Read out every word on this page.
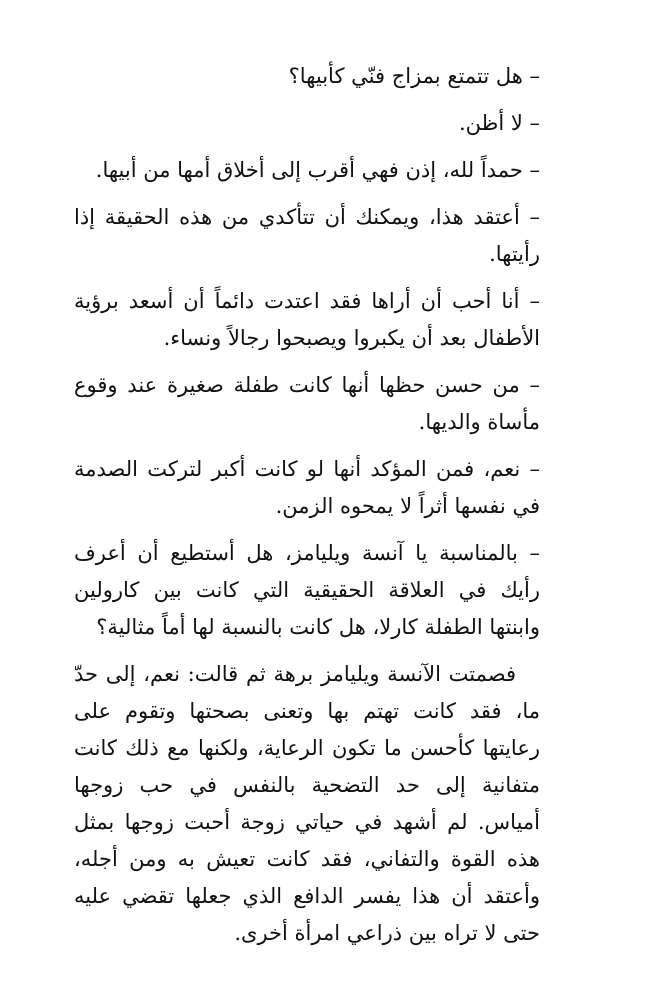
– هل تتمتع بمزاج فنّي كأبيها؟

– لا أظن.

– حمداً لله، إذن فهي أقرب إلى أخلاق أمها من أبيها.

– أعتقد هذا، ويمكنك أن تتأكدي من هذه الحقيقة إذا رأيتها.

– أنا أحب أن أراها فقد اعتدت دائماً أن أسعد برؤية الأطفال بعد أن يكبروا ويصبحوا رجالاً ونساء.

– من حسن حظها أنها كانت طفلة صغيرة عند وقوع مأساة والديها.

– نعم، فمن المؤكد أنها لو كانت أكبر لتركت الصدمة في نفسها أثراً لا يمحوه الزمن.

– بالمناسبة يا آنسة ويليامز، هل أستطيع أن أعرف رأيك في العلاقة الحقيقية التي كانت بين كارولين وابنتها الطفلة كارلا، هل كانت بالنسبة لها أماً مثالية؟

فصمتت الآنسة ويليامز برهة ثم قالت: نعم، إلى حدّ ما، فقد كانت تهتم بها وتعنى بصحتها وتقوم على رعايتها كأحسن ما تكون الرعاية، ولكنها مع ذلك كانت متفانية إلى حد التضحية بالنفس في حب زوجها أمياس. لم أشهد في حياتي زوجة أحبت زوجها بمثل هذه القوة والتفاني، فقد كانت تعيش به ومن أجله، وأعتقد أن هذا يفسر الدافع الذي جعلها تقضي عليه حتى لا تراه بين ذراعي امرأة أخرى.
